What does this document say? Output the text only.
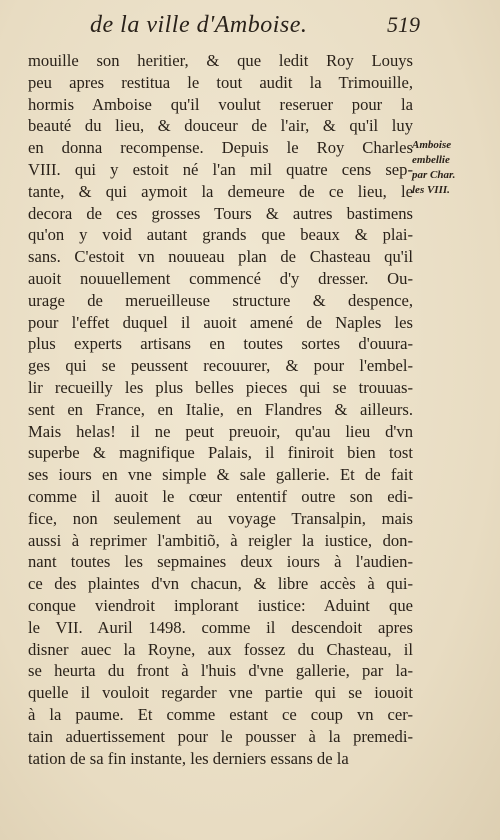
de la ville d'Amboise.	519
mouille son heritier, & que ledit Roy Louys
peu apres restitua le tout audit la Trimouille,
hormis Amboise qu'il voulut reseruer pour la
beauté du lieu, & douceur de l'air, & qu'il luy
en donna recompense. Depuis le Roy Charles
VIII. qui y estoit né l'an mil quatre cens sep-
tante, & qui aymoit la demeure de ce lieu, le
decora de ces grosses Tours & autres bastimens
qu'on y void autant grands que beaux & plai-
sans. C'estoit vn nouueau plan de Chasteau qu'il
auoit nouuellement commencé d'y dresser. Ou-
urage de merueilleuse structure & despence,
pour l'effet duquel il auoit amené de Naples les
plus experts artisans en toutes sortes d'ouura-
ges qui se peussent recouurer, & pour l'embel-
lir recueilly les plus belles pieces qui se trouuas-
sent en France, en Italie, en Flandres & ailleurs.
Mais helas! il ne peut preuoir, qu'au lieu d'vn
superbe & magnifique Palais, il finiroit bien tost
ses iours en vne simple & sale gallerie. Et de fait
comme il auoit le cœur ententif outre son edi-
fice, non seulement au voyage Transalpin, mais
aussi à reprimer l'ambitiõ, à reigler la iustice, don-
nant toutes les sepmaines deux iours à l'audien-
ce des plaintes d'vn chacun, & libre accès à qui-
conque viendroit implorant iustice: Aduint que
le VII. Auril 1498. comme il descendoit apres
disner auec la Royne, aux fossez du Chasteau, il
se heurta du front à l'huis d'vne gallerie, par la-
quelle il vouloit regarder vne partie qui se iouoit
à la paume. Et comme estant ce coup vn cer-
tain aduertissement pour le pousser à la premedi-
tation de sa fin instante, les derniers essans de la
Amboise
embellie
par Char.
les VIII.
